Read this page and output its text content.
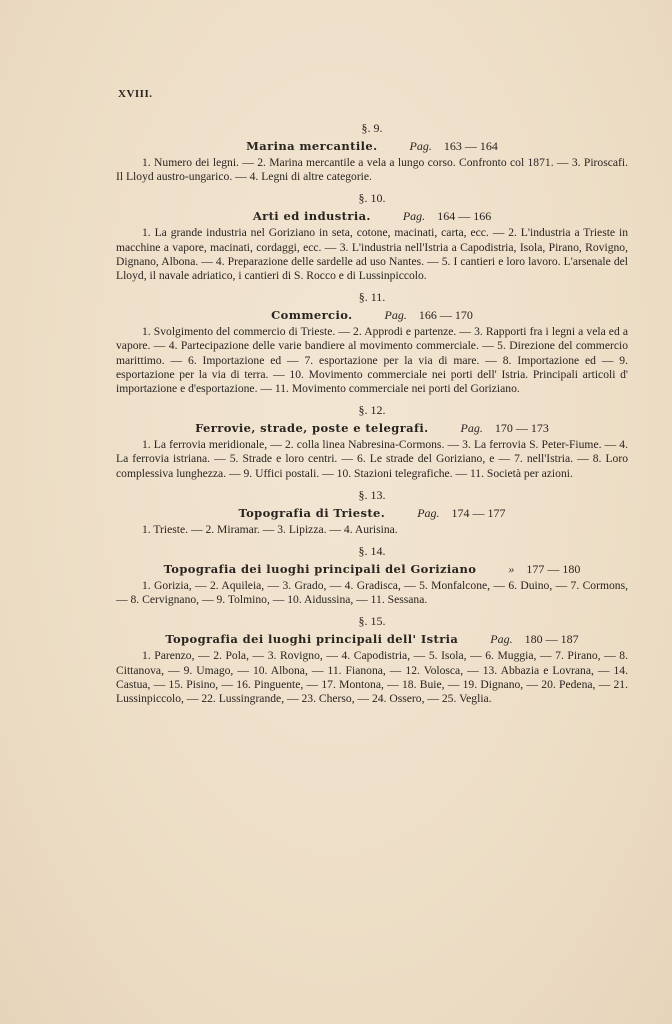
XVIII.

§. 9.

Marina mercantile.	Pag. 163 — 164

1. Numero dei legni. — 2. Marina mercantile a vela a lungo corso. Confronto col 1871. — 3. Piroscafi. Il Lloyd austro-ungarico. — 4. Legni di altre categorie.

§. 10.

Arti ed industria.	Pag. 164 — 166

1. La grande industria nel Goriziano in seta, cotone, macinati, carta, ecc. — 2. L'industria a Trieste in macchine a vapore, macinati, cordaggi, ecc. — 3. L'industria nell'Istria a Capodistria, Isola, Pirano, Rovigno, Dignano, Albona. — 4. Preparazione delle sardelle ad uso Nantes. — 5. I cantieri e loro lavoro. L'arsenale del Lloyd, il navale adriatico, i cantieri di S. Rocco e di Lussinpiccolo.

§. 11.

Commercio.	Pag. 166 — 170

1. Svolgimento del commercio di Trieste. — 2. Approdi e partenze. — 3. Rapporti fra i legni a vela ed a vapore. — 4. Partecipazione delle varie bandiere al movimento commerciale. — 5. Direzione del commercio marittimo. — 6. Importazione ed — 7. esportazione per la via di mare. — 8. Importazione ed — 9. esportazione per la via di terra. — 10. Movimento commerciale nei porti dell' Istria. Principali articoli d' importazione e d'esportazione. — 11. Movimento commerciale nei porti del Goriziano.

§. 12.

Ferrovie, strade, poste e telegrafi.	Pag. 170 — 173

1. La ferrovia meridionale, — 2. colla linea Nabresina-Cormons. — 3. La ferrovia S. Peter-Fiume. — 4. La ferrovia istriana. — 5. Strade e loro centri. — 6. Le strade del Goriziano, e — 7. nell'Istria. — 8. Loro complessiva lunghezza. — 9. Uffici postali. — 10. Stazioni telegrafiche. — 11. Società per azioni.

§. 13.

Topografia di Trieste.	Pag. 174 — 177

1. Trieste. — 2. Miramar. — 3. Lipizza. — 4. Aurisina.

§. 14.

Topografia dei luoghi principali del Goriziano	» 177 — 180

1. Gorizia, — 2. Aquileia, — 3. Grado, — 4. Gradisca, — 5. Monfalcone, — 6. Duino, — 7. Cormons, — 8. Cervignano, — 9. Tolmino, — 10. Aidussina, — 11. Sessana.

§. 15.

Topografia dei luoghi principali dell' Istria	Pag. 180 — 187

1. Parenzo, — 2. Pola, — 3. Rovigno, — 4. Capodistria, — 5. Isola, — 6. Muggia, — 7. Pirano, — 8. Cittanova, — 9. Umago, — 10. Albona, — 11. Fianona, — 12. Volosca, — 13. Abbazia e Lovrana, — 14. Castua, — 15. Pisino, — 16. Pinguente, — 17. Montona, — 18. Buie, — 19. Dignano, — 20. Pedena, — 21. Lussinpiccolo, — 22. Lussingrande, — 23. Cherso, — 24. Ossero, — 25. Veglia.
